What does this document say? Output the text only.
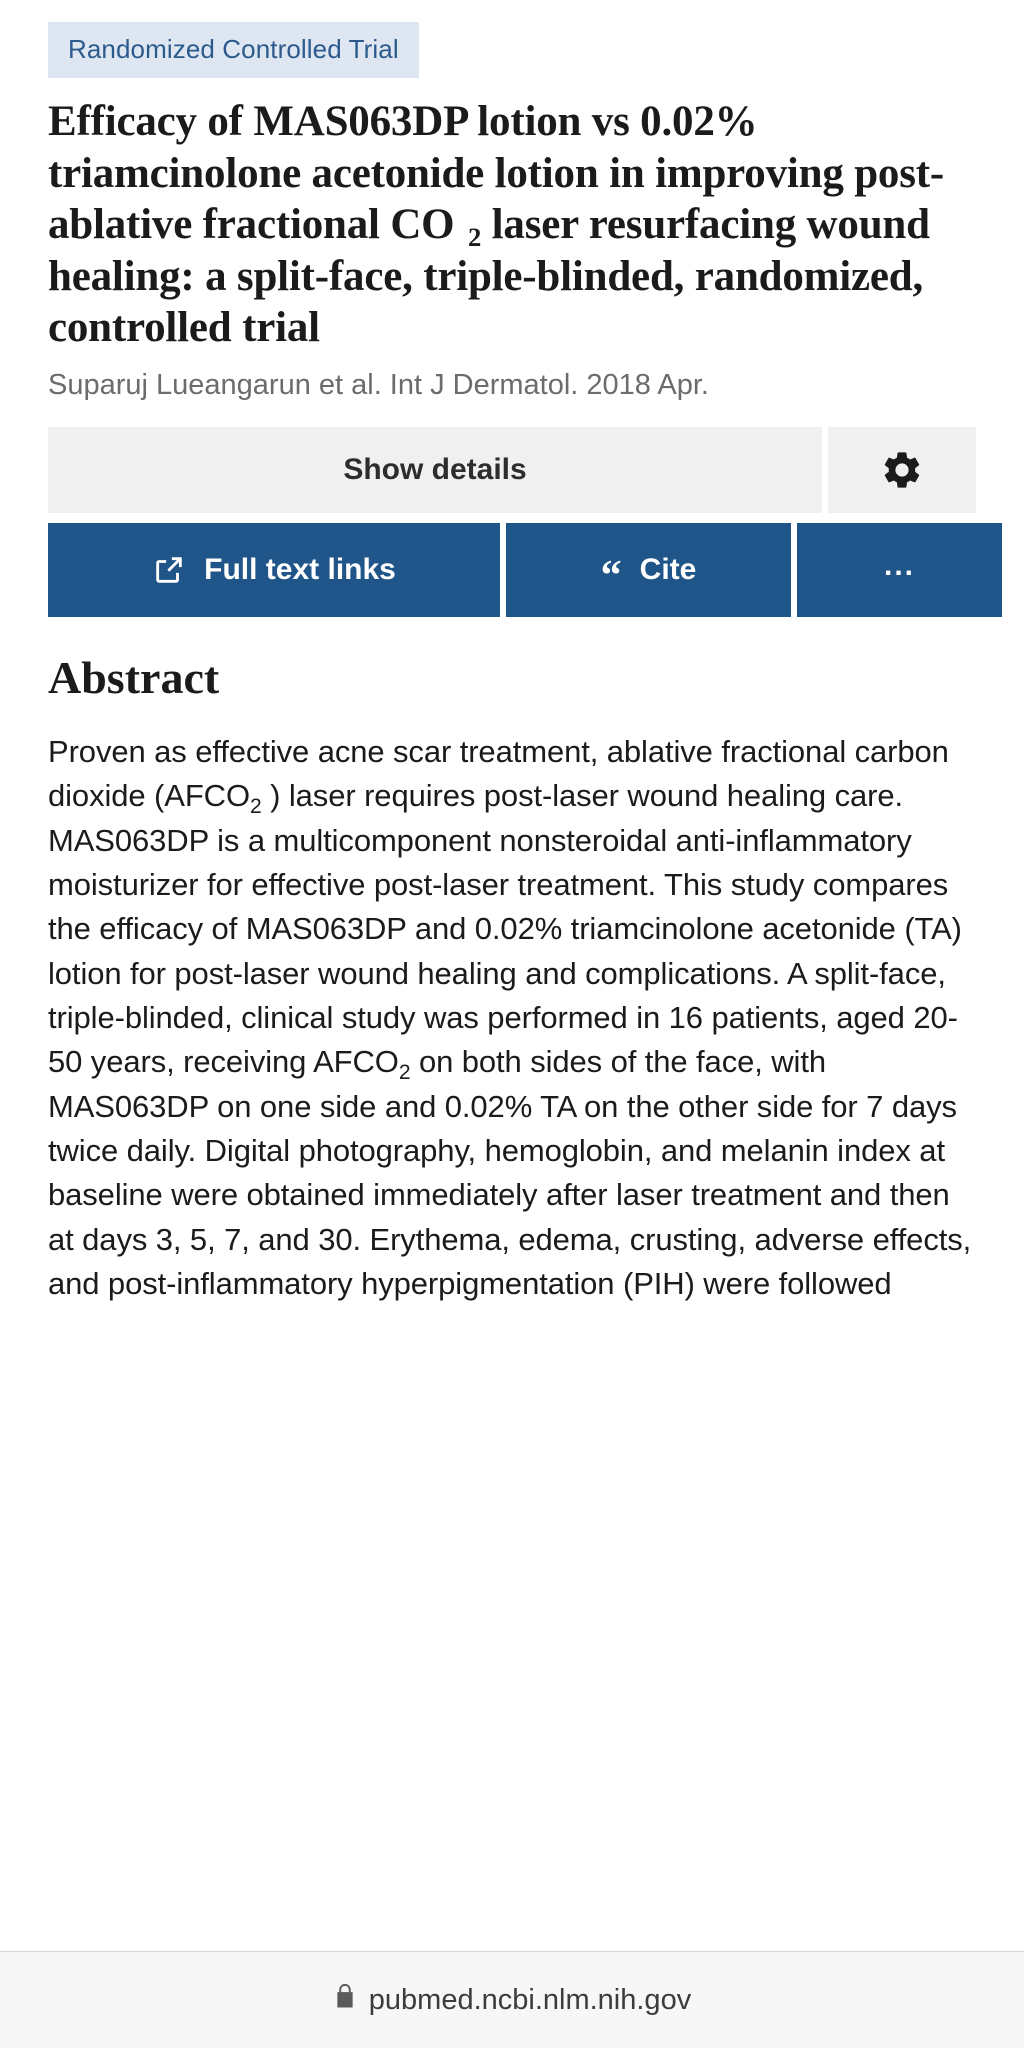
Randomized Controlled Trial
Efficacy of MAS063DP lotion vs 0.02% triamcinolone acetonide lotion in improving post-ablative fractional CO $_2$ laser resurfacing wound healing: a split-face, triple-blinded, randomized, controlled trial
Suparuj Lueangarun et al. Int J Dermatol. 2018 Apr.
Show details
Full text links	“ Cite	...
Abstract
Proven as effective acne scar treatment, ablative fractional carbon dioxide ($AFCO_2$ ) laser requires post-laser wound healing care. MAS063DP is a multicomponent nonsteroidal anti-inflammatory moisturizer for effective post-laser treatment. This study compares the efficacy of MAS063DP and 0.02% triamcinolone acetonide (TA) lotion for post-laser wound healing and complications. A split-face, triple-blinded, clinical study was performed in 16 patients, aged 20-50 years, receiving $AFCO_2$ on both sides of the face, with MAS063DP on one side and 0.02% TA on the other side for 7 days twice daily. Digital photography, hemoglobin, and melanin index at baseline were obtained immediately after laser treatment and then at days 3, 5, 7, and 30. Erythema, edema, crusting, adverse effects, and post-inflammatory hyperpigmentation (PIH) were followed
pubmed.ncbi.nlm.nih.gov
